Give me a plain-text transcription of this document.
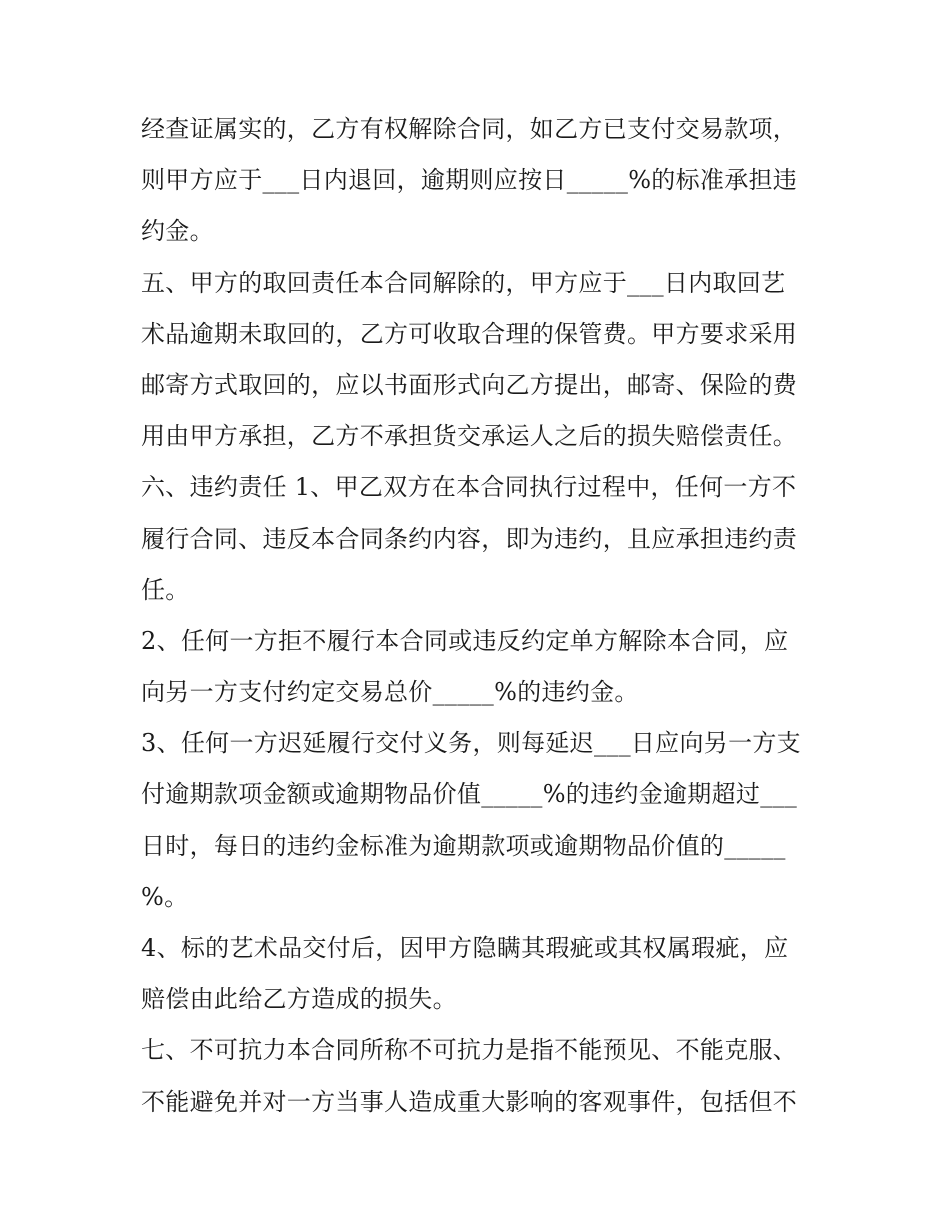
经查证属实的，乙方有权解除合同，如乙方已支付交易款项，
则甲方应于___日内退回，逾期则应按日_____%的标准承担违
约金。
五、甲方的取回责任本合同解除的，甲方应于___日内取回艺
术品逾期未取回的，乙方可收取合理的保管费。甲方要求采用
邮寄方式取回的，应以书面形式向乙方提出，邮寄、保险的费
用由甲方承担，乙方不承担货交承运人之后的损失赔偿责任。
六、违约责任 1、甲乙双方在本合同执行过程中，任何一方不
履行合同、违反本合同条约内容，即为违约，且应承担违约责
任。
2、任何一方拒不履行本合同或违反约定单方解除本合同，应
向另一方支付约定交易总价_____%的违约金。
3、任何一方迟延履行交付义务，则每延迟___日应向另一方支
付逾期款项金额或逾期物品价值_____%的违约金逾期超过___
日时，每日的违约金标准为逾期款项或逾期物品价值的_____
%。
4、标的艺术品交付后，因甲方隐瞒其瑕疵或其权属瑕疵，应
赔偿由此给乙方造成的损失。
七、不可抗力本合同所称不可抗力是指不能预见、不能克服、
不能避免并对一方当事人造成重大影响的客观事件，包括但不
